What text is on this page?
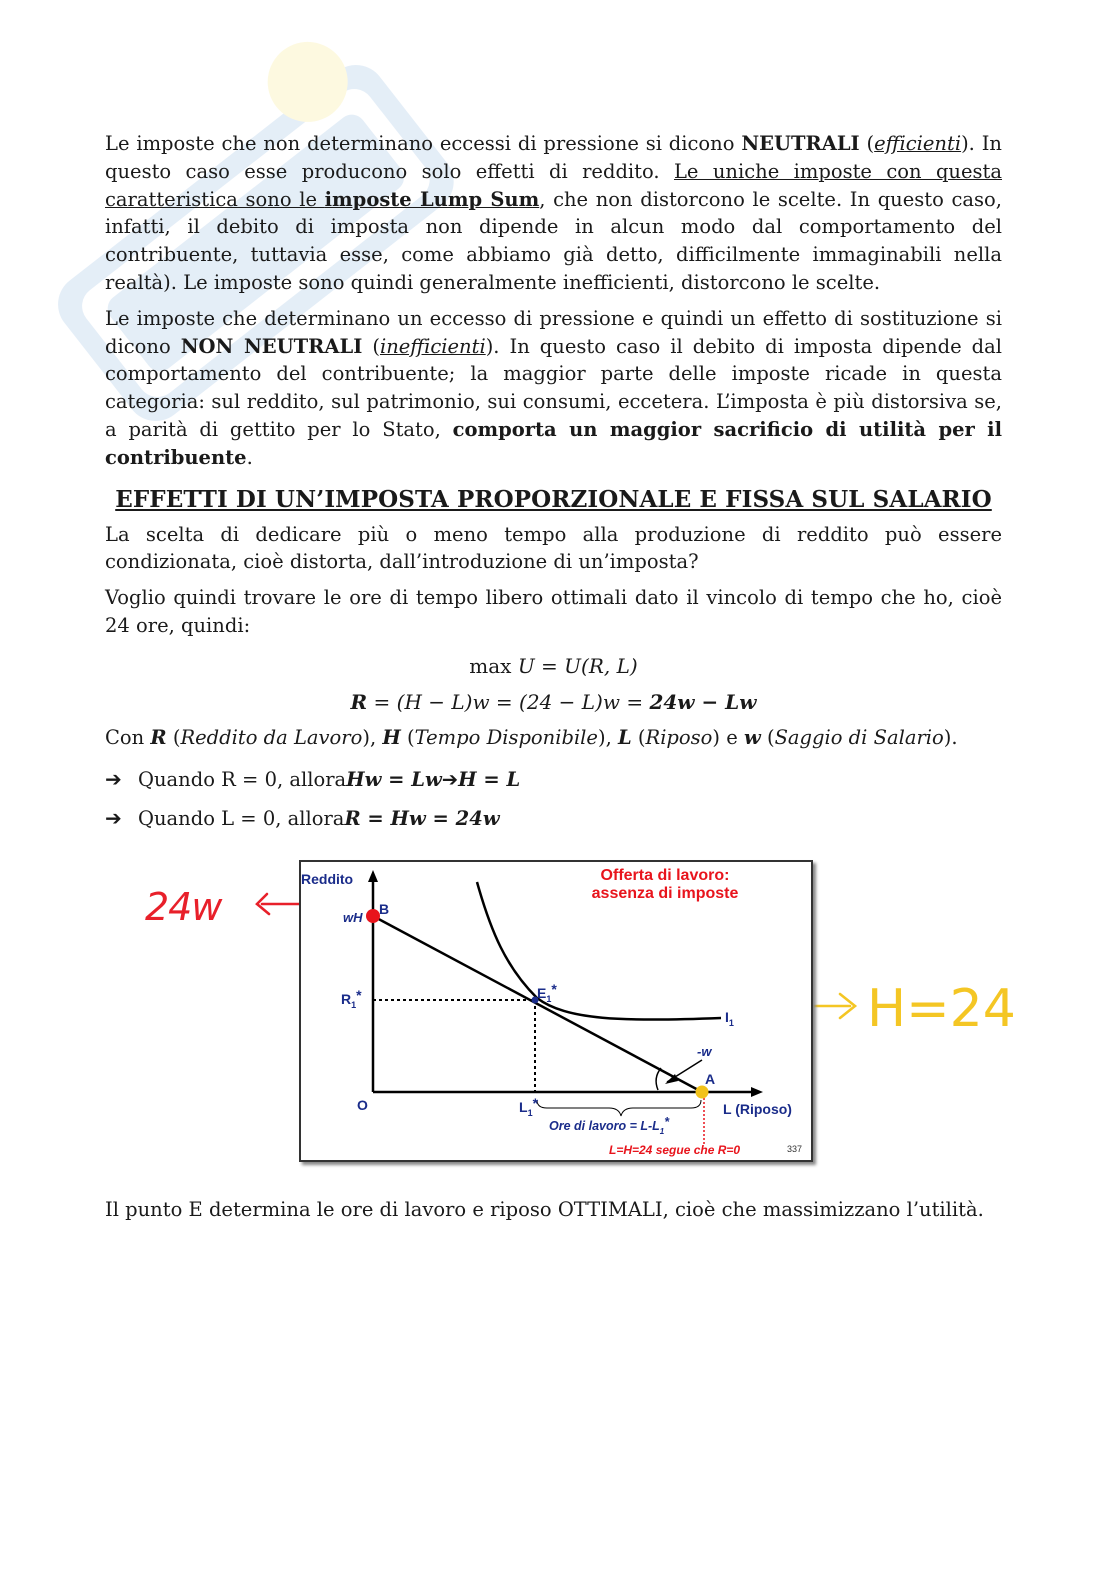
Le imposte che non determinano eccessi di pressione si dicono NEUTRALI (efficienti). In questo caso esse producono solo effetti di reddito. Le uniche imposte con questa caratteristica sono le imposte Lump Sum, che non distorcono le scelte. In questo caso, infatti, il debito di imposta non dipende in alcun modo dal comportamento del contribuente, tuttavia esse, come abbiamo già detto, difficilmente immaginabili nella realtà). Le imposte sono quindi generalmente inefficienti, distorcono le scelte.

Le imposte che determinano un eccesso di pressione e quindi un effetto di sostituzione si dicono NON NEUTRALI (inefficienti). In questo caso il debito di imposta dipende dal comportamento del contribuente; la maggior parte delle imposte ricade in questa categoria: sul reddito, sul patrimonio, sui consumi, eccetera. L’imposta è più distorsiva se, a parità di gettito per lo Stato, comporta un maggior sacrificio di utilità per il contribuente.

EFFETTI DI UN’IMPOSTA PROPORZIONALE E FISSA SUL SALARIO

La scelta di dedicare più o meno tempo alla produzione di reddito può essere condizionata, cioè distorta, dall’introduzione di un’imposta?

Voglio quindi trovare le ore di tempo libero ottimali dato il vincolo di tempo che ho, cioè 24 ore, quindi:

max U = U(R, L)
R = (H − L)w = (24 − L)w = 24w − Lw

Con R (Reddito da Lavoro), H (Tempo Disponibile), L (Riposo) e w (Saggio di Salario).

➔ Quando R = 0, allora Hw = Lw ➔ H = L
➔ Quando L = 0, allora R = Hw = 24w
24w
H=24
Offerta di lavoro:
assenza di imposte
Reddito
L (Riposo)
O
wH
B
$R_1*$	$E_1*$
$I_1$
-w
A
$L_1*$
Ore di lavoro = $L-L_1*$
L=H=24 segue che R=0	337

Il punto E determina le ore di lavoro e riposo OTTIMALI, cioè che massimizzano l’utilità.
